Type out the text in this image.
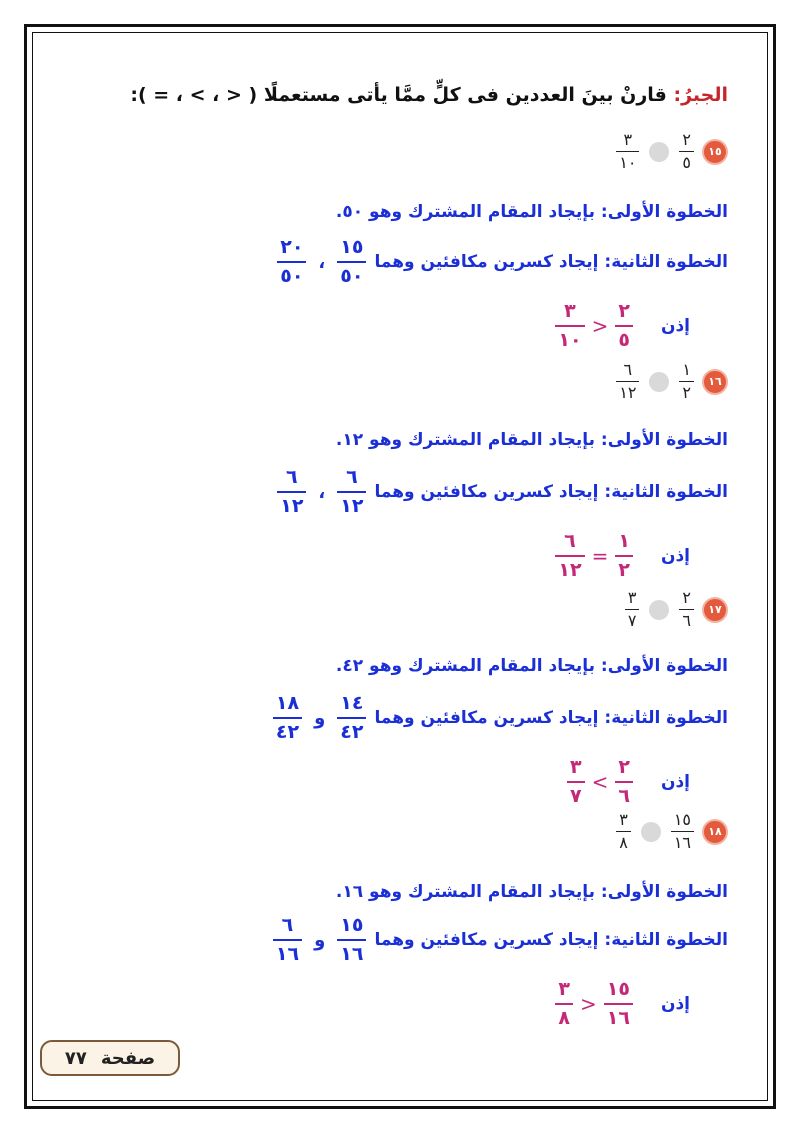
الجبرُ: قارنْ بينَ العددين فى كلٍّ ممَّا يأتى مستعملًا ( < ، > ، = ):
١٥
$\frac{٢}{٥}$
$\frac{٣}{١٠}$
الخطوة الأولى: بإيجاد المقام المشترك وهو ٥٠.
الخطوة الثانية: إيجاد كسرين مكافئين وهما
$\frac{١٥}{٥٠}$
،
$\frac{٢٠}{٥٠}$
إذن
$\frac{٢}{٥}$
<
$\frac{٣}{١٠}$
١٦
$\frac{١}{٢}$
$\frac{٦}{١٢}$
الخطوة الأولى: بإيجاد المقام المشترك وهو ١٢.
الخطوة الثانية: إيجاد كسرين مكافئين وهما
$\frac{٦}{١٢}$
،
$\frac{٦}{١٢}$
إذن
$\frac{١}{٢}$
=
$\frac{٦}{١٢}$
١٧
$\frac{٢}{٦}$
$\frac{٣}{٧}$
الخطوة الأولى: بإيجاد المقام المشترك وهو ٤٢.
الخطوة الثانية: إيجاد كسرين مكافئين وهما
$\frac{١٤}{٤٢}$
و
$\frac{١٨}{٤٢}$
إذن
$\frac{٢}{٦}$
>
$\frac{٣}{٧}$
١٨
$\frac{١٥}{١٦}$
$\frac{٣}{٨}$
الخطوة الأولى: بإيجاد المقام المشترك وهو ١٦.
الخطوة الثانية: إيجاد كسرين مكافئين وهما
$\frac{١٥}{١٦}$
و
$\frac{٦}{١٦}$
إذن
$\frac{١٥}{١٦}$
<
$\frac{٣}{٨}$
صفحة
٧٧
